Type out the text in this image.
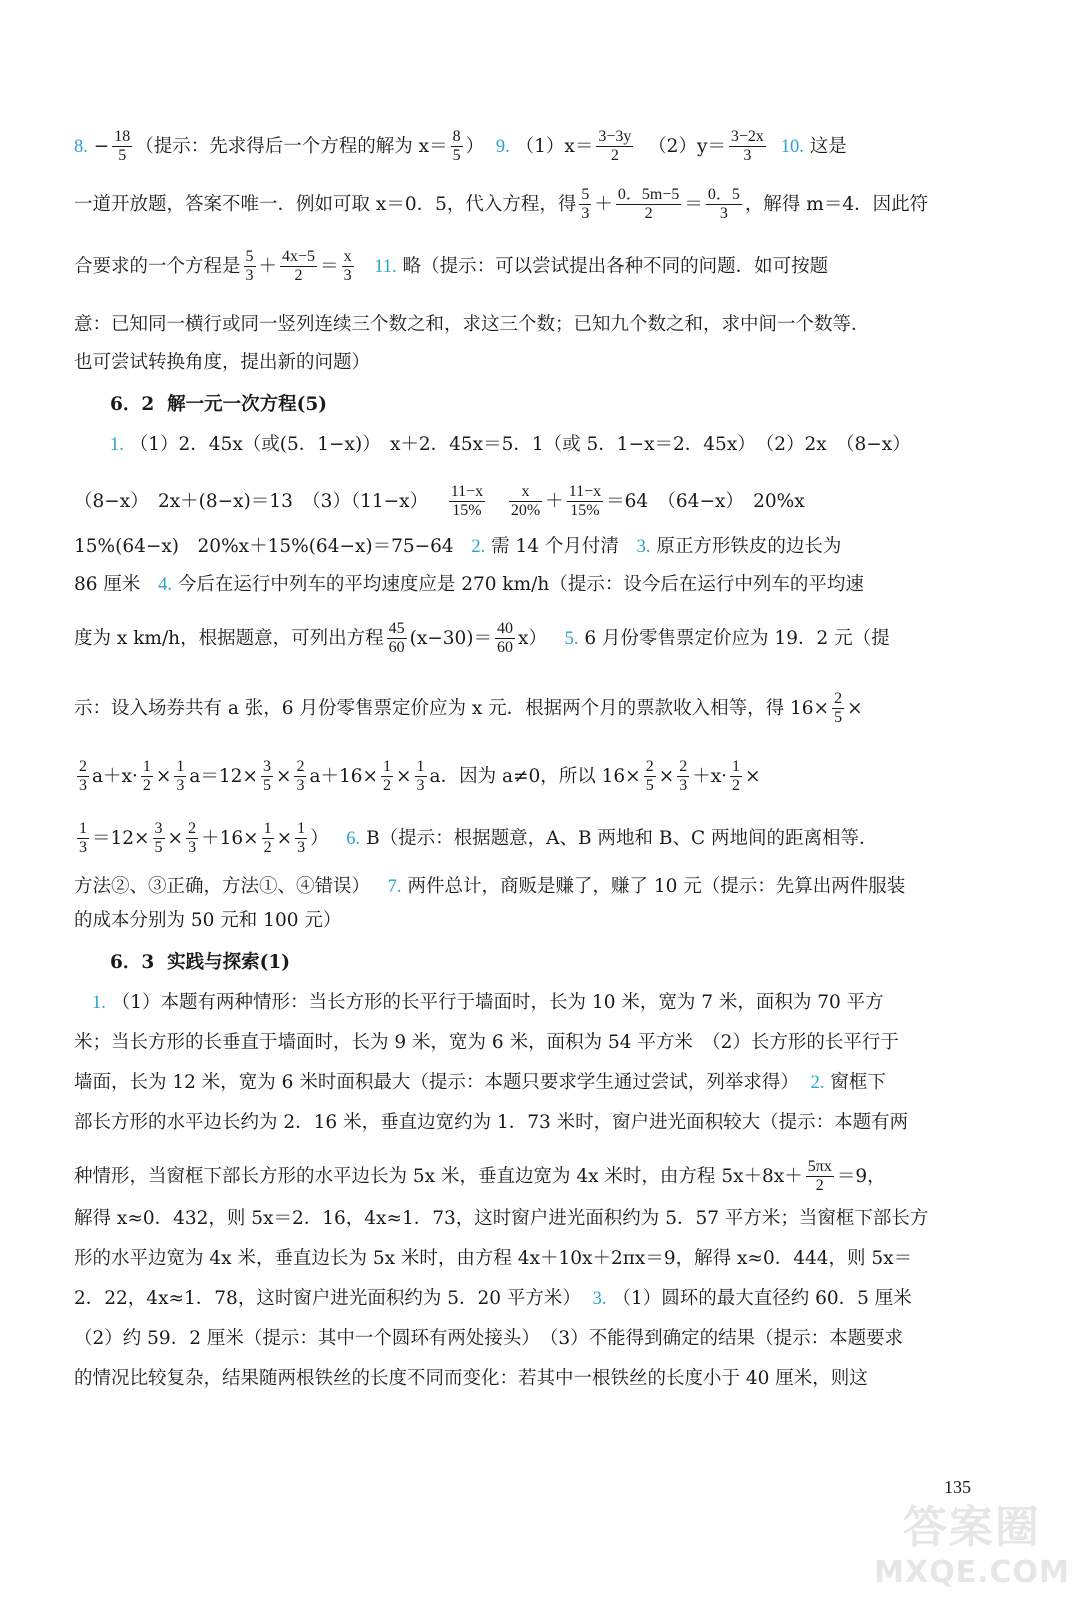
8. − $\frac{18}{5}$ （提示：先求得后一个方程的解为 $x= \frac{8}{5}$ ） 9. $(1)x= \frac{3-3y}{2} (2)y= \frac{3-2x}{3} 10$. 这是
一道开放题，答案不唯一．例如可取 x＝0．5，代入方程，得 $\frac{5}{3} + \frac{0.5m-5}{2} = \frac{0.5}{3}$ ，解得 m＝4．因此符
合要求的一个方程是 $\frac{5}{3} + \frac{4x-5}{2} = \frac{x}{3} 11$. 略（提示：可以尝试提出各种不同的问题．如可按题
意：已知同一横行或同一竖列连续三个数之和，求这三个数；已知九个数之和，求中间一个数等．
也可尝试转换角度，提出新的问题）
6．2 解一元一次方程(5)
1. （1）2．45x（或(5．1−x)）　x＋2．45x＝5．1（或 5．1−x＝2．45x）　（2）2x　（8−x）
（8−x）　2x＋(8−x)＝13　$(3)(11-x) \frac{11-x}{15\%}$
$\frac{x}{20\%} + \frac{11-x}{15\%} =64$　（64−x）　20%x
15%(64−x)　20%x＋15%(64−x)＝75−64 2. 需 14 个月付清 3. 原正方形铁皮的边长为
86 厘米 4. 今后在运行中列车的平均速度应是 270 km/h（提示：设今后在运行中列车的平均速
度为 x km/h，根据题意，可列出方程 $\frac{45}{60} (x-30)= \frac{40}{60} x$） 5. 6 月份零售票定价应为 19．2 元（提
示：设入场券共有 a 张，6 月份零售票定价应为 x 元．根据两个月的票款收入相等，得 $16\times \frac{2}{5}$ ×
$\frac{2}{3} a+x\cdot \frac{1}{2} \times \frac{1}{3} a=12\times \frac{3}{5} \times \frac{2}{3} a+16\times \frac{1}{2} \times \frac{1}{3}$ a．因为 a≠0，所以 $16\times \frac{2}{5} \times \frac{2}{3} +x\cdot \frac{1}{2}$ ×
$\frac{1}{3} =12\times \frac{3}{5} \times \frac{2}{3} +16\times \frac{1}{2} \times \frac{1}{3}$ ） 6. B（提示：根据题意，A、B 两地和 B、C 两地间的距离相等．
方法②、③正确，方法①、④错误） 7. 两件总计，商贩是赚了，赚了 10 元（提示：先算出两件服装
的成本分别为 50 元和 100 元）
6．3 实践与探索(1)
1. （1）本题有两种情形：当长方形的长平行于墙面时，长为 10 米，宽为 7 米，面积为 70 平方
米；当长方形的长垂直于墙面时，长为 9 米，宽为 6 米，面积为 54 平方米　（2）长方形的长平行于
墙面，长为 12 米，宽为 6 米时面积最大（提示：本题只要求学生通过尝试，列举求得） 2. 窗框下
部长方形的水平边长约为 2．16 米，垂直边宽约为 1．73 米时，窗户进光面积较大（提示：本题有两
种情形，当窗框下部长方形的水平边长为 5x 米，垂直边宽为 4x 米时，由方程 $5x+8x+ \frac{5\pi x}{2} =9$，
解得 x≈0．432，则 5x＝2．16，4x≈1．73，这时窗户进光面积约为 5．57 平方米；当窗框下部长方
形的水平边宽为 4x 米，垂直边长为 5x 米时，由方程 4x＋10x＋2πx＝9，解得 x≈0．444，则 5x＝
2．22，4x≈1．78，这时窗户进光面积约为 5．20 平方米） 3. （1）圆环的最大直径约 60．5 厘米
（2）约 59．2 厘米（提示：其中一个圆环有两处接头）　（3）不能得到确定的结果（提示：本题要求
的情况比较复杂，结果随两根铁丝的长度不同而变化：若其中一根铁丝的长度小于 40 厘米，则这
135
答案圈
MXQE.COM
